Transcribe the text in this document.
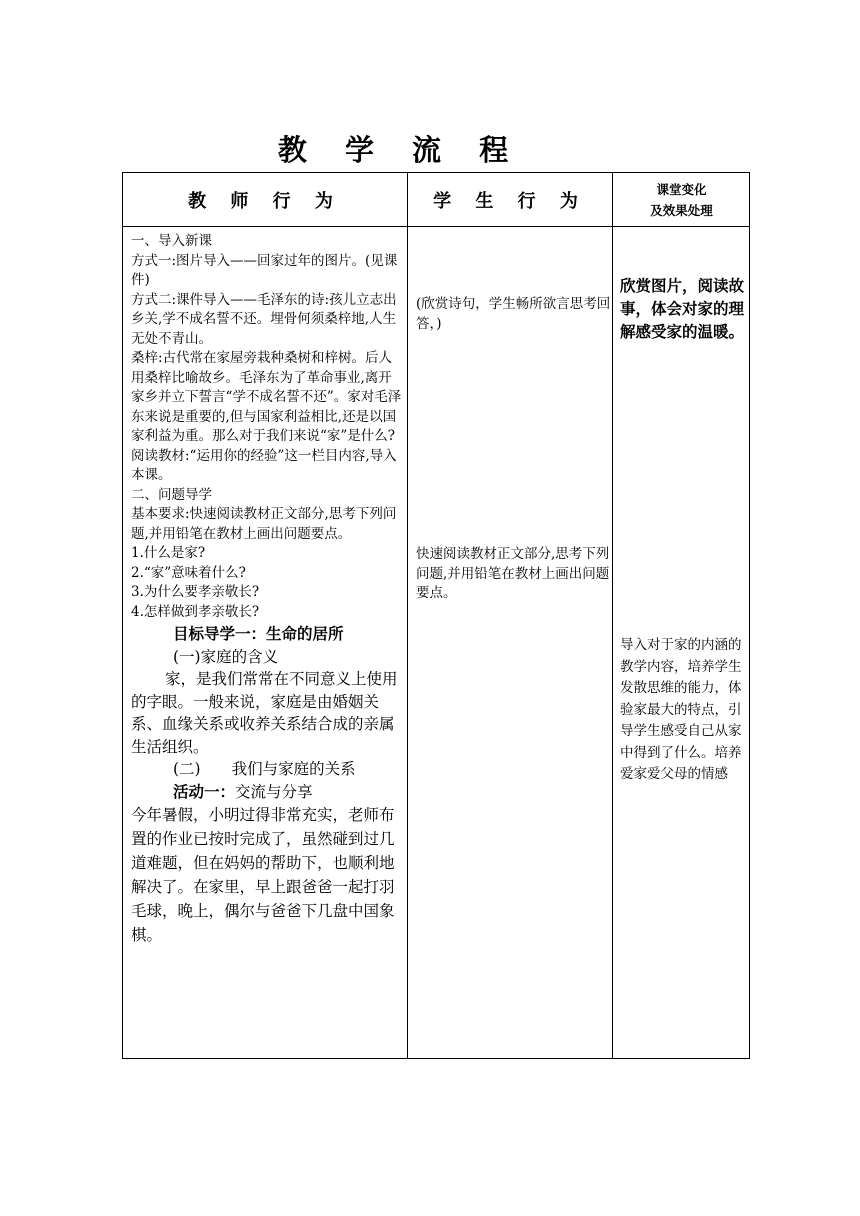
教 学 流 程
教 师 行 为	学 生 行 为
课堂变化
及效果处理

一、导入新课

方式一:图片导入——回家过年的图片。(见课件)

方式二:课件导入——毛泽东的诗:孩儿立志出乡关,学不成名誓不还。埋骨何须桑梓地,人生无处不青山。

桑梓:古代常在家屋旁栽种桑树和梓树。后人用桑梓比喻故乡。毛泽东为了革命事业,离开家乡并立下誓言“学不成名誓不还”。家对毛泽东来说是重要的,但与国家利益相比,还是以国家利益为重。那么对于我们来说“家”是什么?

阅读教材:“运用你的经验”这一栏目内容,导入本课。

二、问题导学

基本要求:快速阅读教材正文部分,思考下列问题,并用铅笔在教材上画出问题要点。

1.什么是家?

2.“家”意味着什么?

3.为什么要孝亲敬长?

4.怎样做到孝亲敬长?

目标导学一：生命的居所

(一)家庭的含义

家，是我们常常在不同意义上使用的字眼。一般来说，家庭是由婚姻关系、血缘关系或收养关系结合成的亲属生活组织。

(二)　　我们与家庭的关系

活动一：交流与分享

今年暑假，小明过得非常充实，老师布置的作业已按时完成了，虽然碰到过几道难题，但在妈妈的帮助下，也顺利地解决了。在家里，早上跟爸爸一起打羽毛球，晚上，偶尔与爸爸下几盘中国象棋。

(欣赏诗句，学生畅所欲言思考回答，)
快速阅读教材正文部分,思考下列问题,并用铅笔在教材上画出问题要点。
欣赏图片，阅读故事，体会对家的理解感受家的温暖。
导入对于家的内涵的教学内容，培养学生发散思维的能力，体验家最大的特点，引导学生感受自己从家中得到了什么。培养爱家爱父母的情感
